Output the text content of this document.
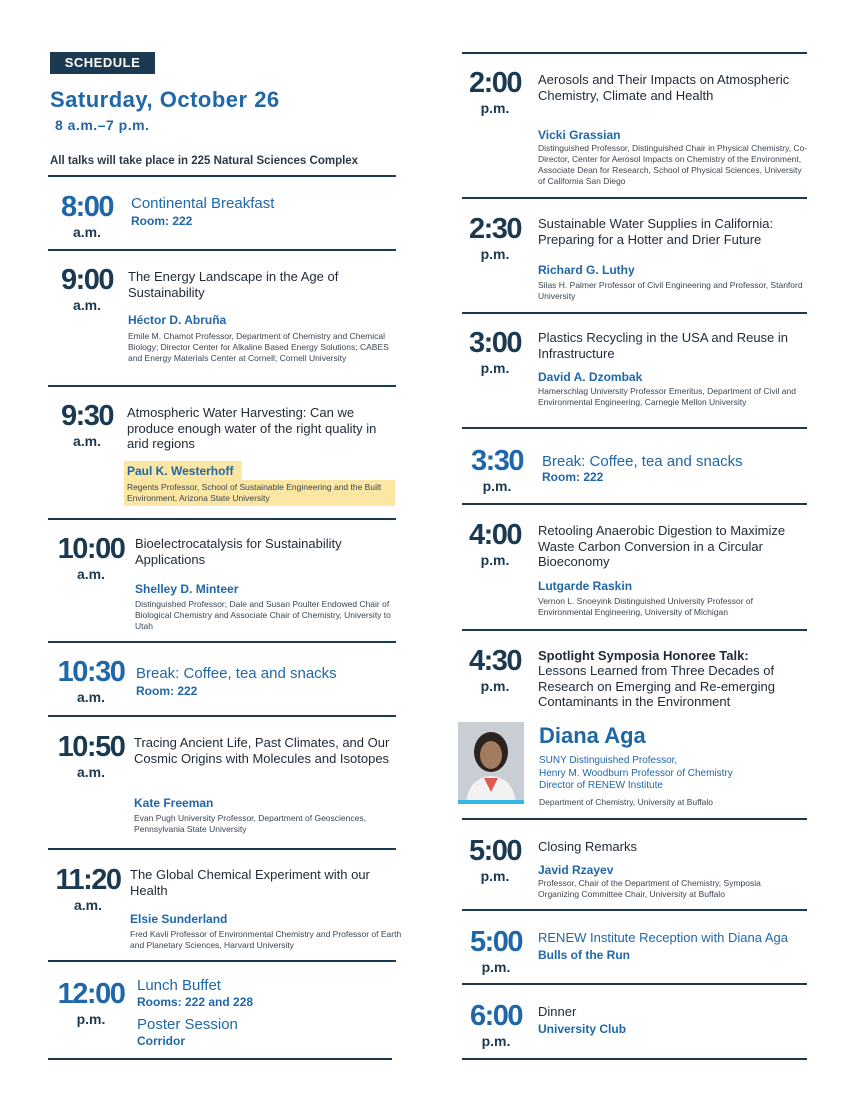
SCHEDULE
Saturday, October 26
8 a.m.–7 p.m.
All talks will take place in 225 Natural Sciences Complex
8:00
a.m.
Continental Breakfast
Room: 222
9:00
a.m.
The Energy Landscape in the Age of Sustainability
Héctor D. Abruña
Emile M. Chamot Professor, Department of Chemistry and Chemical Biology; Director Center for Alkaline Based Energy Solutions; CABES and Energy Materials Center at Cornell; Cornell University
9:30
a.m.
Atmospheric Water Harvesting: Can we produce enough water of the right quality in arid regions
Paul K. Westerhoff
Regents Professor, School of Sustainable Engineering and the Built Environment, Arizona State University
10:00
a.m.
Bioelectrocatalysis for Sustainability Applications
Shelley D. Minteer
Distinguished Professor; Dale and Susan Poulter Endowed Chair of Biological Chemistry and Associate Chair of Chemistry, University to Utah
10:30
a.m.
Break: Coffee, tea and snacks
Room: 222
10:50
a.m.
Tracing Ancient Life, Past Climates, and Our Cosmic Origins with Molecules and Isotopes
Kate Freeman
Evan Pugh University Professor, Department of Geosciences, Pennsylvania State University
11:20
a.m.
The Global Chemical Experiment with our Health
Elsie Sunderland
Fred Kavli Professor of Environmental Chemistry and Professor of Earth and Planetary Sciences, Harvard University
12:00
p.m.
Lunch Buffet
Rooms: 222 and 228
Poster Session
Corridor
2:00
p.m.
Aerosols and Their Impacts on Atmospheric Chemistry, Climate and Health
Vicki Grassian
Distinguished Professor, Distinguished Chair in Physical Chemistry, Co-Director, Center for Aerosol Impacts on Chemistry of the Environment, Associate Dean for Research, School of Physical Sciences, University of California San Diego
2:30
p.m.
Sustainable Water Supplies in California: Preparing for a Hotter and Drier Future
Richard G. Luthy
Silas H. Palmer Professor of Civil Engineering and Professor, Stanford University
3:00
p.m.
Plastics Recycling in the USA and Reuse in Infrastructure
David A. Dzombak
Hamerschlag University Professor Emeritus, Department of Civil and Environmental Engineering, Carnegie Mellon University
3:30
p.m.
Break: Coffee, tea and snacks
Room: 222
4:00
p.m.
Retooling Anaerobic Digestion to Maximize Waste Carbon Conversion in a Circular Bioeconomy
Lutgarde Raskin
Vernon L. Snoeyink Distinguished University Professor of Environmental Engineering, University of Michigan
4:30
p.m.
Spotlight Symposia Honoree Talk:
Lessons Learned from Three Decades of Research on Emerging and Re-emerging Contaminants in the Environment
Diana Aga
SUNY Distinguished Professor,
Henry M. Woodburn Professor of Chemistry
Director of RENEW Institute
Department of Chemistry, University at Buffalo
5:00
p.m.
Closing Remarks
Javid Rzayev
Professor, Chair of the Department of Chemistry, Symposia Organizing Committee Chair, University at Buffalo
5:00
p.m.
RENEW Institute Reception with Diana Aga
Bulls of the Run
6:00
p.m.
Dinner
University Club
